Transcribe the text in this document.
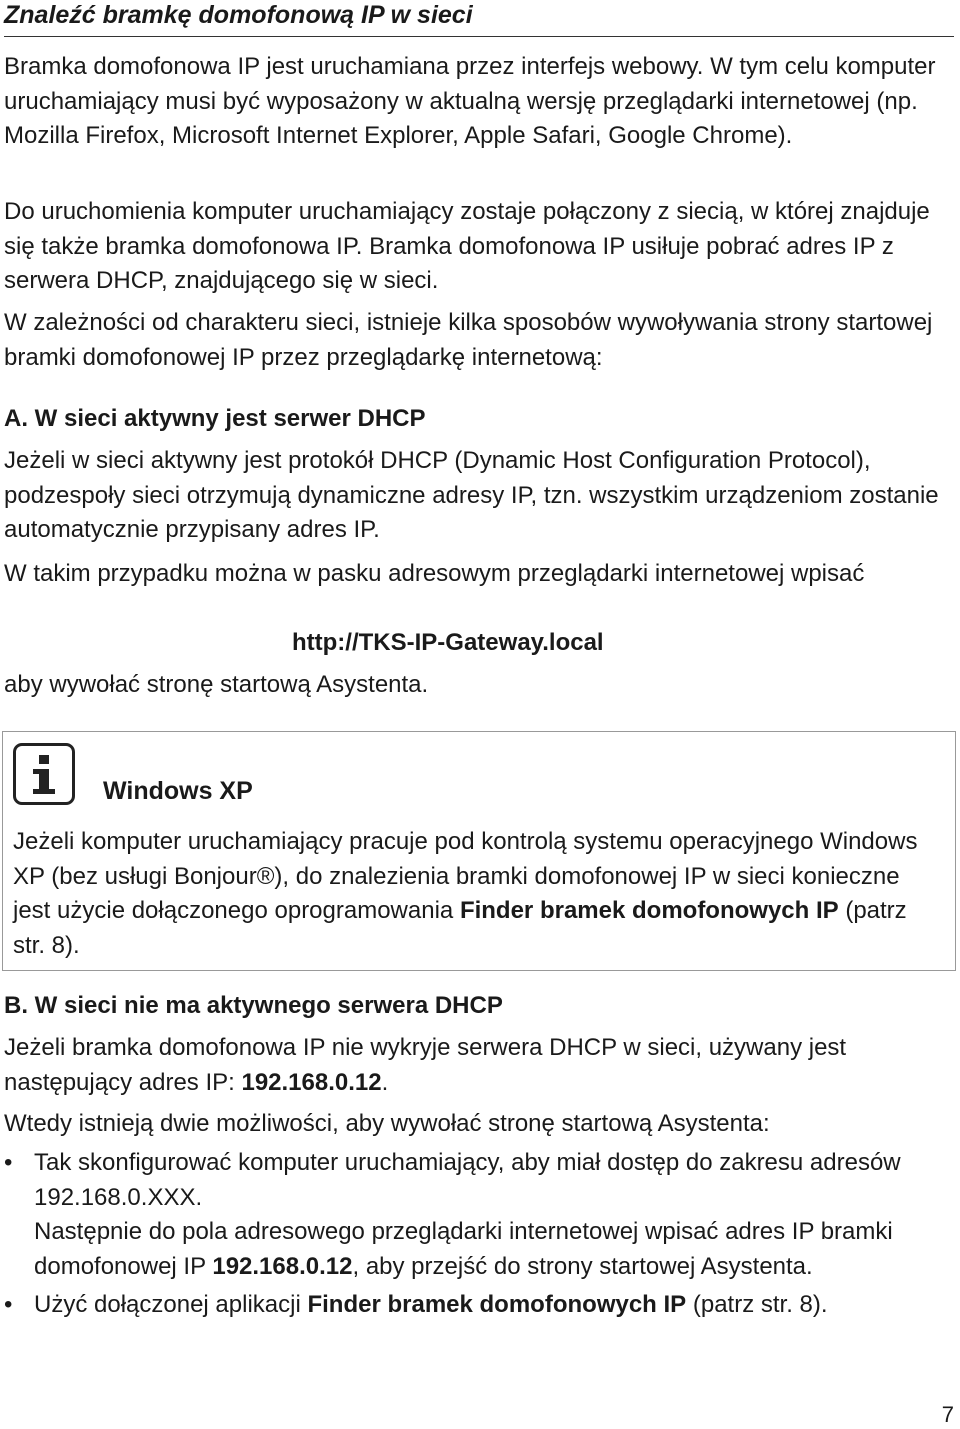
Znaleźć bramkę domofonową IP w sieci

Bramka domofonowa IP jest uruchamiana przez interfejs webowy. W tym celu komputer uruchamiający musi być wyposażony w aktualną wersję przeglądarki internetowej (np. Mozilla Firefox, Microsoft Internet Explorer, Apple Safari, Google Chrome).

Do uruchomienia komputer uruchamiający zostaje połączony z siecią, w której znajduje się także bramka domofonowa IP. Bramka domofonowa IP usiłuje pobrać adres IP z serwera DHCP, znajdującego się w sieci.

W zależności od charakteru sieci, istnieje kilka sposobów wywoływania strony startowej bramki domofonowej IP przez przeglądarkę internetową:

A. W sieci aktywny jest serwer DHCP

Jeżeli w sieci aktywny jest protokół DHCP (Dynamic Host Configuration Protocol), podzespoły sieci otrzymują dynamiczne adresy IP, tzn. wszystkim urządzeniom zostanie automatycznie przypisany adres IP.

W takim przypadku można w pasku adresowym przeglądarki internetowej wpisać

http://TKS-IP-Gateway.local

aby wywołać stronę startową Asystenta.

Windows XP

Jeżeli komputer uruchamiający pracuje pod kontrolą systemu operacyjnego Windows XP (bez usługi Bonjour®), do znalezienia bramki domofonowej IP w sieci konieczne jest użycie dołączonego oprogramowania Finder bramek domofonowych IP (patrz str. 8).

B. W sieci nie ma aktywnego serwera DHCP

Jeżeli bramka domofonowa IP nie wykryje serwera DHCP w sieci, używany jest następujący adres IP: 192.168.0.12.

Wtedy istnieją dwie możliwości, aby wywołać stronę startową Asystenta:

• Tak skonfigurować komputer uruchamiający, aby miał dostęp do zakresu adresów 192.168.0.XXX.
Następnie do pola adresowego przeglądarki internetowej wpisać adres IP bramki domofonowej IP 192.168.0.12, aby przejść do strony startowej Asystenta.
• Użyć dołączonej aplikacji Finder bramek domofonowych IP (patrz str. 8).
7
